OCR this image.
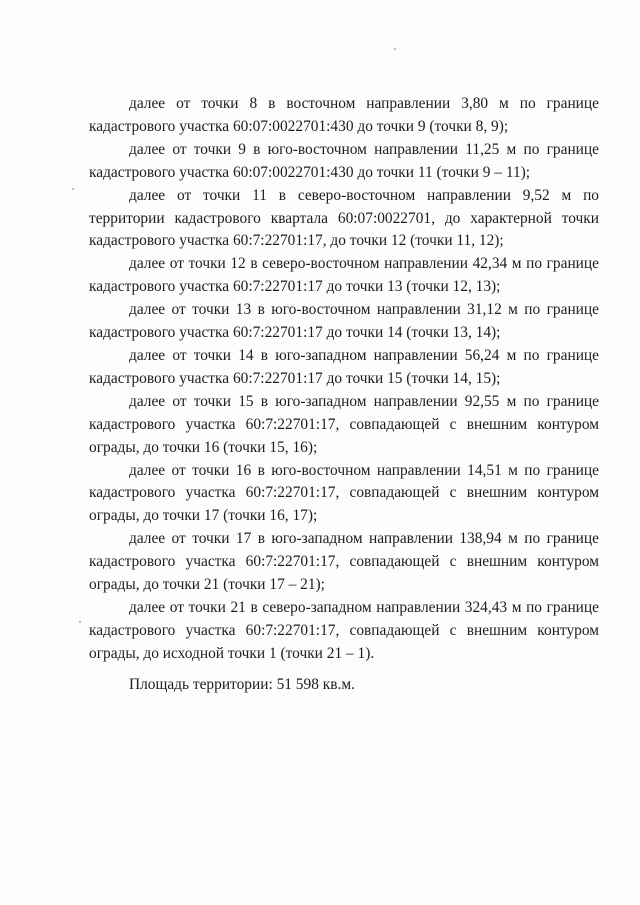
далее от точки 8 в восточном направлении 3,80 м по границе кадастрового участка 60:07:0022701:430 до точки 9 (точки 8, 9);

далее от точки 9 в юго-восточном направлении 11,25 м по границе кадастрового участка 60:07:0022701:430 до точки 11 (точки 9 – 11);

далее от точки 11 в северо-восточном направлении 9,52 м по территории кадастрового квартала 60:07:0022701, до характерной точки кадастрового участка 60:7:22701:17, до точки 12 (точки 11, 12);

далее от точки 12 в северо-восточном направлении 42,34 м по границе кадастрового участка 60:7:22701:17 до точки 13 (точки 12, 13);

далее от точки 13 в юго-восточном направлении 31,12 м по границе кадастрового участка 60:7:22701:17 до точки 14 (точки 13, 14);

далее от точки 14 в юго-западном направлении 56,24 м по границе кадастрового участка 60:7:22701:17 до точки 15 (точки 14, 15);

далее от точки 15 в юго-западном направлении 92,55 м по границе кадастрового участка 60:7:22701:17, совпадающей с внешним контуром ограды, до точки 16 (точки 15, 16);

далее от точки 16 в юго-восточном направлении 14,51 м по границе кадастрового участка 60:7:22701:17, совпадающей с внешним контуром ограды, до точки 17 (точки 16, 17);

далее от точки 17 в юго-западном направлении 138,94 м по границе кадастрового участка 60:7:22701:17, совпадающей с внешним контуром ограды, до точки 21 (точки 17 – 21);

далее от точки 21 в северо-западном направлении 324,43 м по границе кадастрового участка 60:7:22701:17, совпадающей с внешним контуром ограды, до исходной точки 1 (точки 21 – 1).

Площадь территории: 51 598 кв.м.
